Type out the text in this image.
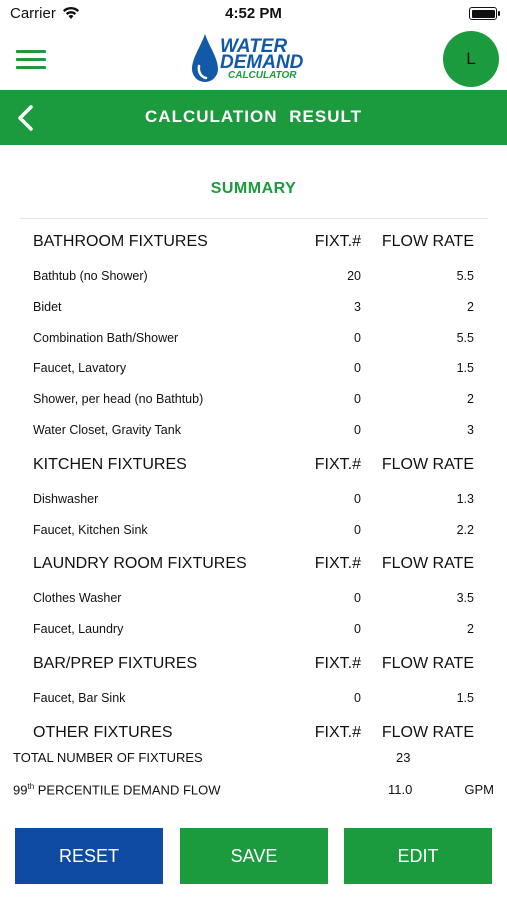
Carrier	4:52 PM
WATER
DEMAND
CALCULATOR
L
CALCULATION RESULT
SUMMARY
BATHROOM FIXTURES	FIXT.# FLOW RATE
Bathtub (no Shower)	20	5.5
Bidet	3	2
Combination Bath/Shower	0	5.5
Faucet, Lavatory	0	1.5
Shower, per head (no Bathtub)	0	2
Water Closet, Gravity Tank	0	3
KITCHEN FIXTURES	FIXT.# FLOW RATE
Dishwasher	0	1.3
Faucet, Kitchen Sink	0	2.2
LAUNDRY ROOM FIXTURES	FIXT.# FLOW RATE
Clothes Washer	0	3.5
Faucet, Laundry	0	2
BAR/PREP FIXTURES	FIXT.# FLOW RATE
Faucet, Bar Sink	0	1.5
OTHER FIXTURES	FIXT.# FLOW RATE
TOTAL NUMBER OF FIXTURES	23
99th PERCENTILE DEMAND FLOW	11.0	GPM
RESET	SAVE	EDIT
